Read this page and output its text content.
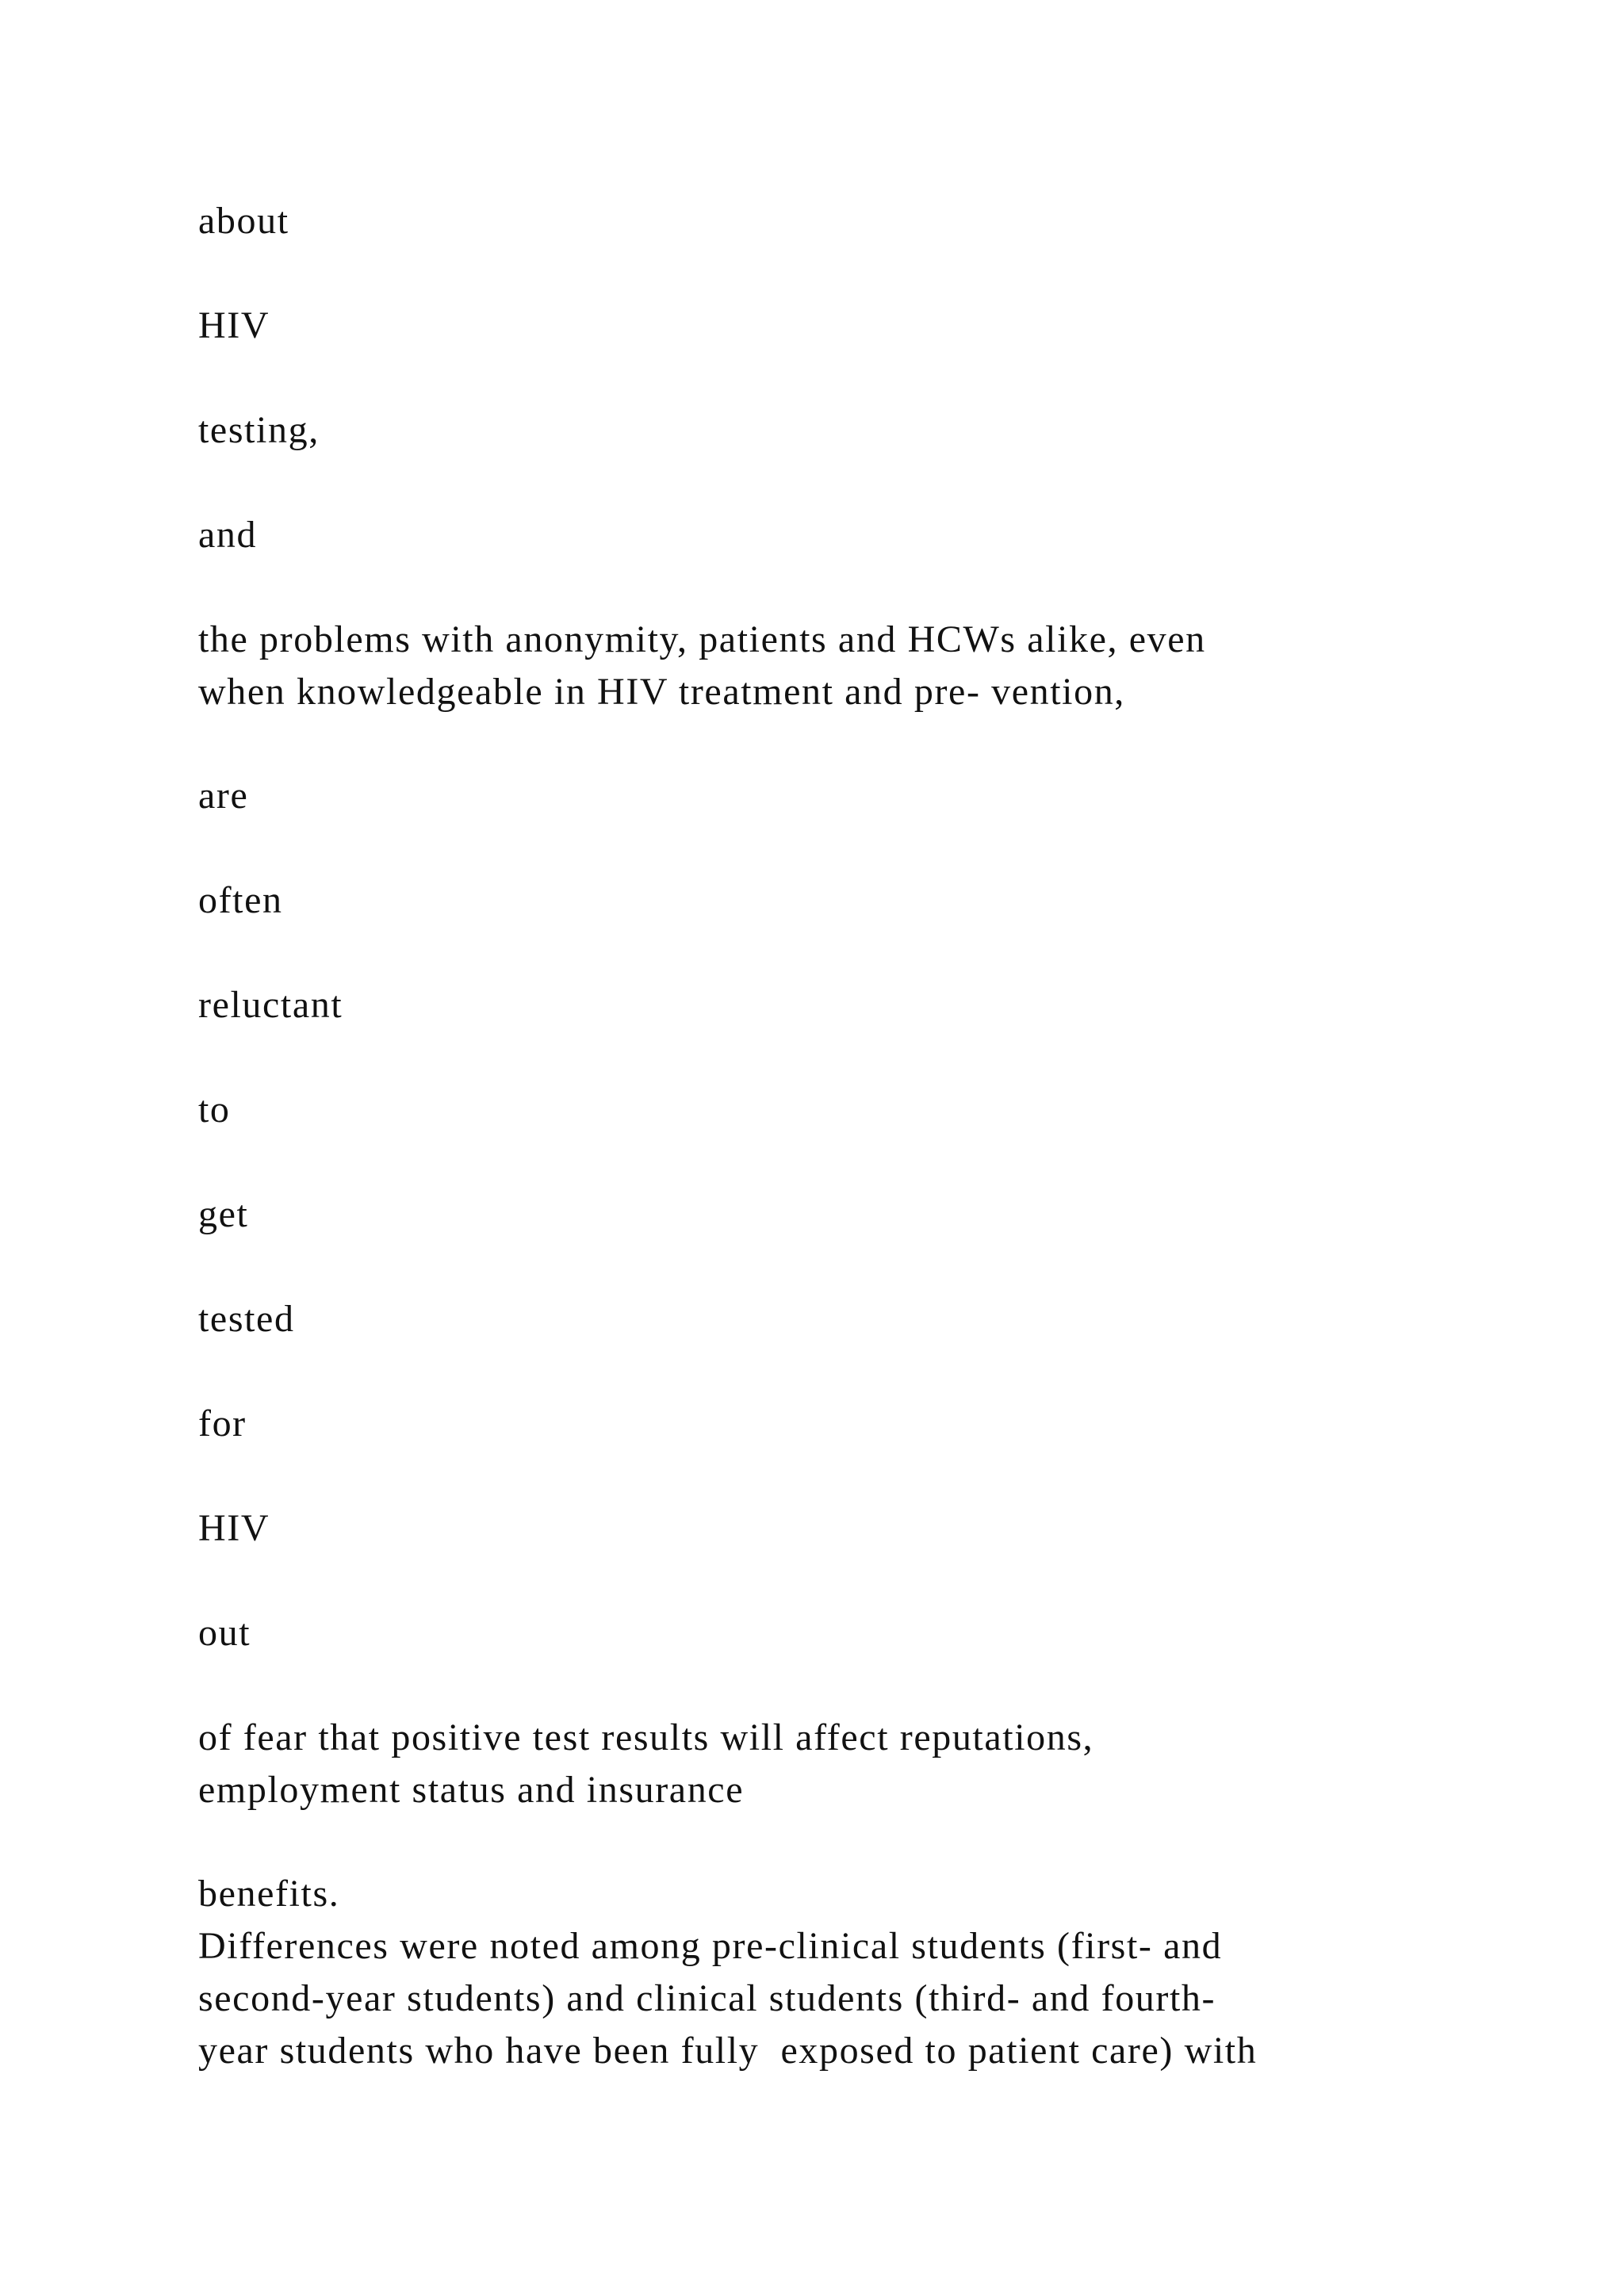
about

HIV

testing,

and

the problems with anonymity, patients and HCWs alike, even
when knowledgeable in HIV treatment and pre- vention,

are

often

reluctant

to

get

tested

for

HIV

out

of fear that positive test results will affect reputations,
employment status and insurance

benefits.
Differences were noted among pre-clinical students (first- and
second-year students) and clinical students (third- and fourth-
year students who have been fully  exposed to patient care) with
